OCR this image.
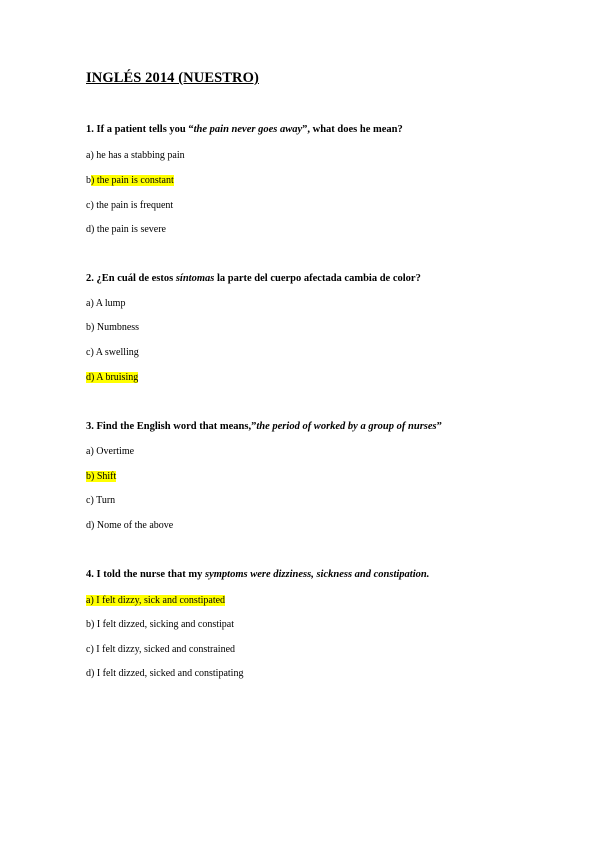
INGLÉS 2014 (NUESTRO)
1. If a patient tells you “the pain never goes away”, what does he mean?
a) he has a stabbing pain
b) the pain is constant
c) the pain is frequent
d) the pain is severe
2. ¿En cuál de estos síntomas la parte del cuerpo afectada cambia de color?
a) A lump
b) Numbness
c) A swelling
d) A bruising
3. Find the English word that means,”the period of worked by a group of nurses”
a) Overtime
b) Shift
c) Turn
d) Nome of the above
4. I told the nurse that my symptoms were dizziness, sickness and constipation.
a) I felt dizzy, sick and constipated
b) I felt dizzed, sicking and constipat
c) I felt dizzy, sicked and constrained
d) I felt dizzed, sicked and constipating
